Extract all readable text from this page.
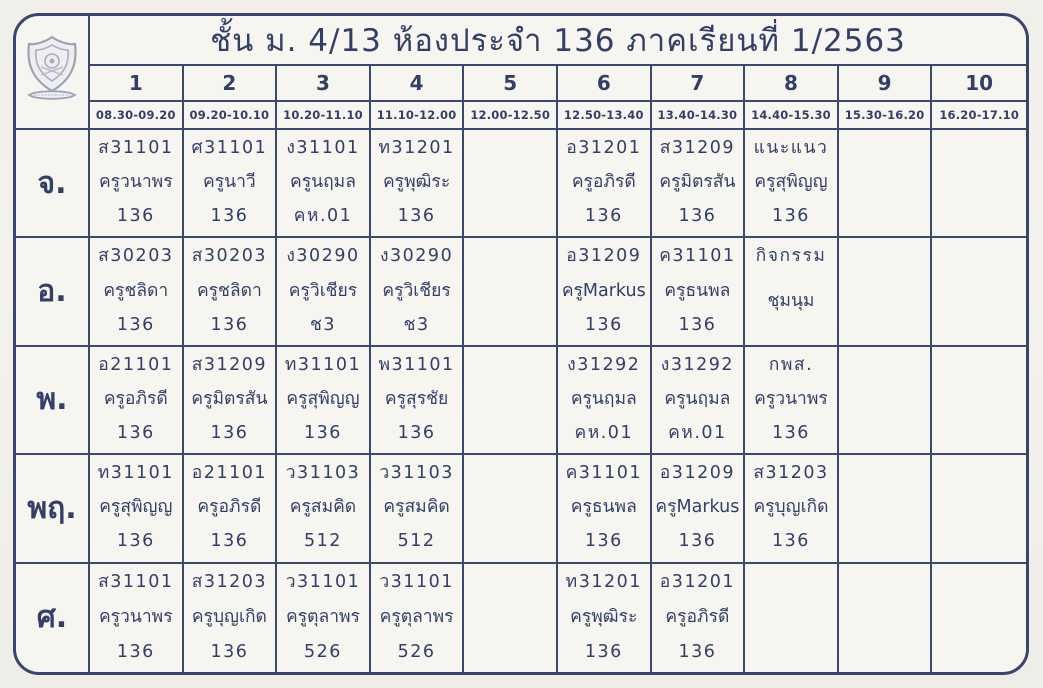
ชั้น ม. 4/13 ห้องประจำ 136 ภาคเรียนที่ 1/2563
1
08.30-09.20
2
09.20-10.10
3
10.20-11.10
4
11.10-12.00
5
12.00-12.50
6
12.50-13.40
7
13.40-14.30
8
14.40-15.30
9
15.30-16.20
10
16.20-17.10
จ.
ส31101
ครูวนาพร
136
ศ31101
ครูนาวี
136
ง31101
ครูนฤมล
คห.01
ท31201
ครูพุฒิระ
136
อ31201
ครูอภิรดี
136
ส31209
ครูมิตรสัน
136
แนะแนว
ครูสุพิญญ
136
อ.
ส30203
ครูชลิดา
136
ส30203
ครูชลิดา
136
ง30290
ครูวิเชียร
ช3
ง30290
ครูวิเชียร
ช3
อ31209
ครูMarkus
136
ค31101
ครูธนพล
136
กิจกรรม
ชุมนุม
พ.
อ21101
ครูอภิรดี
136
ส31209
ครูมิตรสัน
136
ท31101
ครูสุพิญญ
136
พ31101
ครูสุรชัย
136
ง31292
ครูนฤมล
คห.01
ง31292
ครูนฤมล
คห.01
กพส.
ครูวนาพร
136
พฤ.
ท31101
ครูสุพิญญ
136
อ21101
ครูอภิรดี
136
ว31103
ครูสมคิด
512
ว31103
ครูสมคิด
512
ค31101
ครูธนพล
136
อ31209
ครูMarkus
136
ส31203
ครูบุญเกิด
136
ศ.
ส31101
ครูวนาพร
136
ส31203
ครูบุญเกิด
136
ว31101
ครูตุลาพร
526
ว31101
ครูตุลาพร
526
ท31201
ครูพุฒิระ
136
อ31201
ครูอภิรดี
136
